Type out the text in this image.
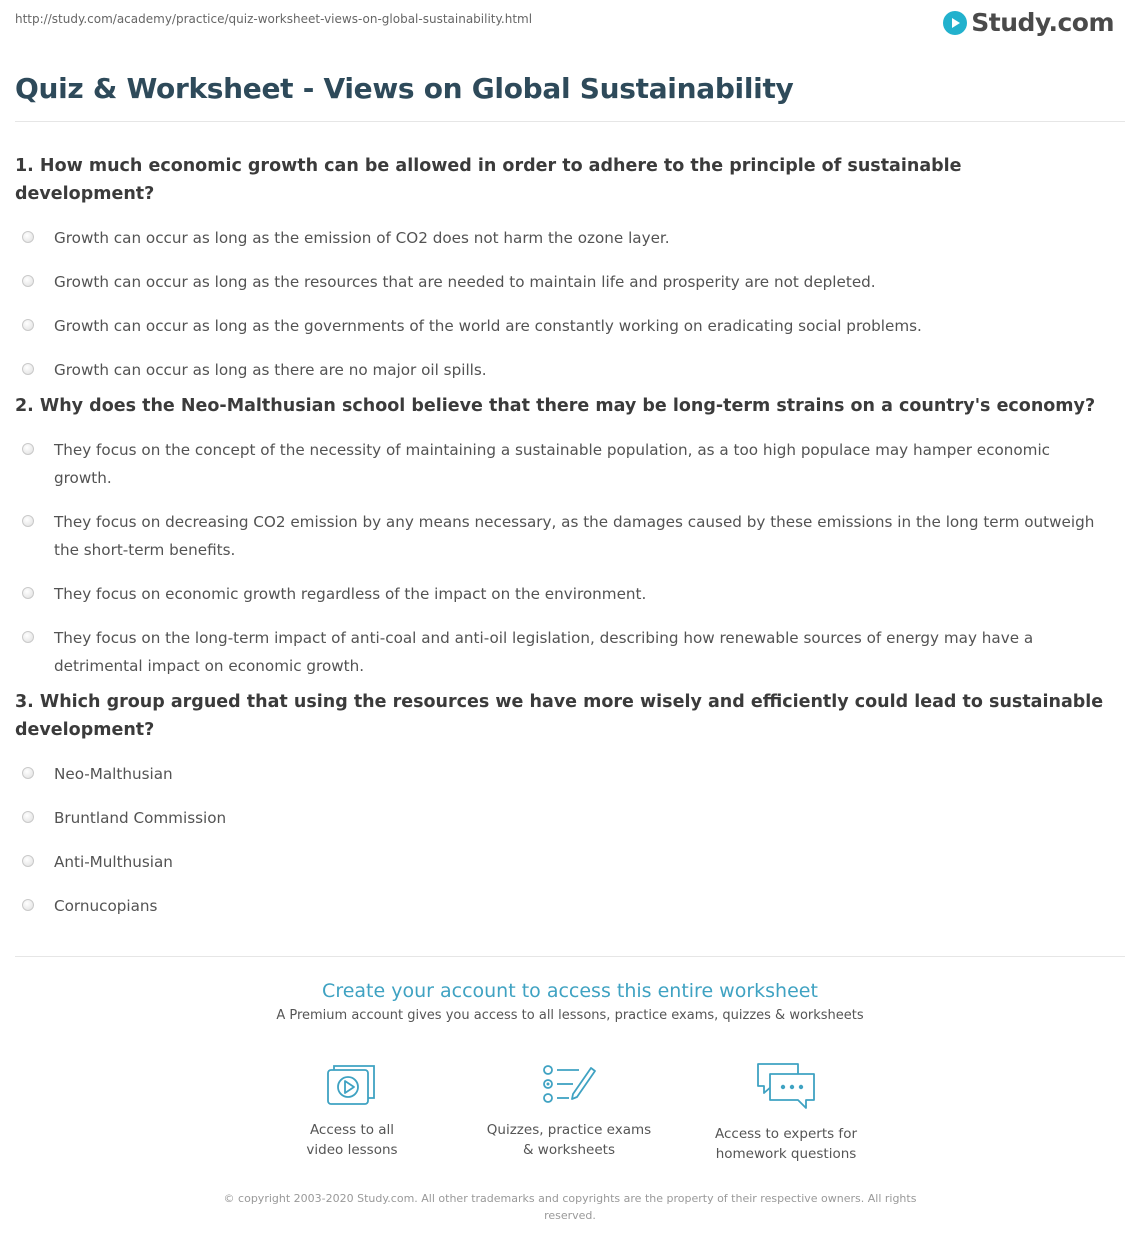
http://study.com/academy/practice/quiz-worksheet-views-on-global-sustainability.html	Study.com
Quiz & Worksheet - Views on Global Sustainability
1. How much economic growth can be allowed in order to adhere to the principle of sustainable development?
Growth can occur as long as the emission of CO2 does not harm the ozone layer.
Growth can occur as long as the resources that are needed to maintain life and prosperity are not depleted.
Growth can occur as long as the governments of the world are constantly working on eradicating social problems.
Growth can occur as long as there are no major oil spills.
2. Why does the Neo-Malthusian school believe that there may be long-term strains on a country's economy?
They focus on the concept of the necessity of maintaining a sustainable population, as a too high populace may hamper economic growth.
They focus on decreasing CO2 emission by any means necessary, as the damages caused by these emissions in the long term outweigh the short-term benefits.
They focus on economic growth regardless of the impact on the environment.
They focus on the long-term impact of anti-coal and anti-oil legislation, describing how renewable sources of energy may have a detrimental impact on economic growth.
3. Which group argued that using the resources we have more wisely and efficiently could lead to sustainable development?
Neo-Malthusian
Bruntland Commission
Anti-Multhusian
Cornucopians
Create your account to access this entire worksheet
A Premium account gives you access to all lessons, practice exams, quizzes & worksheets
Access to all
video lessons
Quizzes, practice exams
& worksheets
Access to experts for
homework questions
© copyright 2003-2020 Study.com. All other trademarks and copyrights are the property of their respective owners. All rights
reserved.
